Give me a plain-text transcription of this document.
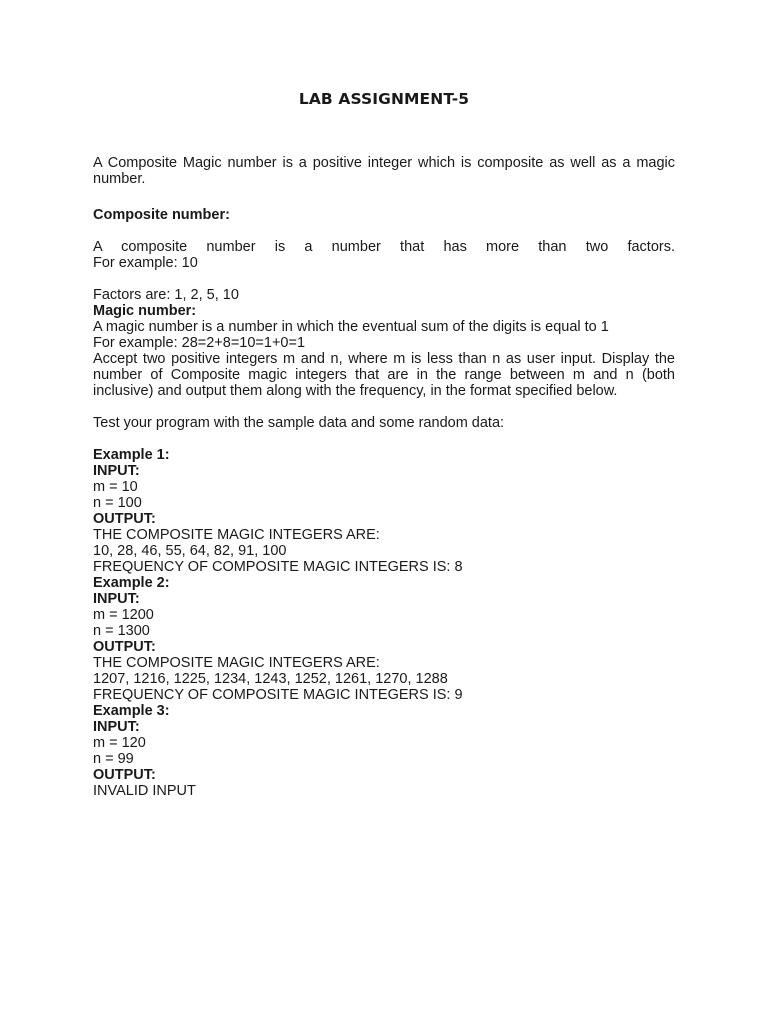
LAB ASSIGNMENT-5
A Composite Magic number is a positive integer which is composite as well as a magic number.
Composite number:
A composite number is a number that has more than two factors.
For example: 10
Factors are: 1, 2, 5, 10
Magic number:
A magic number is a number in which the eventual sum of the digits is equal to 1
For example: 28=2+8=10=1+0=1
Accept two positive integers m and n, where m is less than n as user input. Display the number of Composite magic integers that are in the range between m and n (both inclusive) and output them along with the frequency, in the format specified below.
Test your program with the sample data and some random data:
Example 1:
INPUT:
m = 10
n = 100
OUTPUT:
THE COMPOSITE MAGIC INTEGERS ARE:
10, 28, 46, 55, 64, 82, 91, 100
FREQUENCY OF COMPOSITE MAGIC INTEGERS IS: 8
Example 2:
INPUT:
m = 1200
n = 1300
OUTPUT:
THE COMPOSITE MAGIC INTEGERS ARE:
1207, 1216, 1225, 1234, 1243, 1252, 1261, 1270, 1288
FREQUENCY OF COMPOSITE MAGIC INTEGERS IS: 9
Example 3:
INPUT:
m = 120
n = 99
OUTPUT:
INVALID INPUT
